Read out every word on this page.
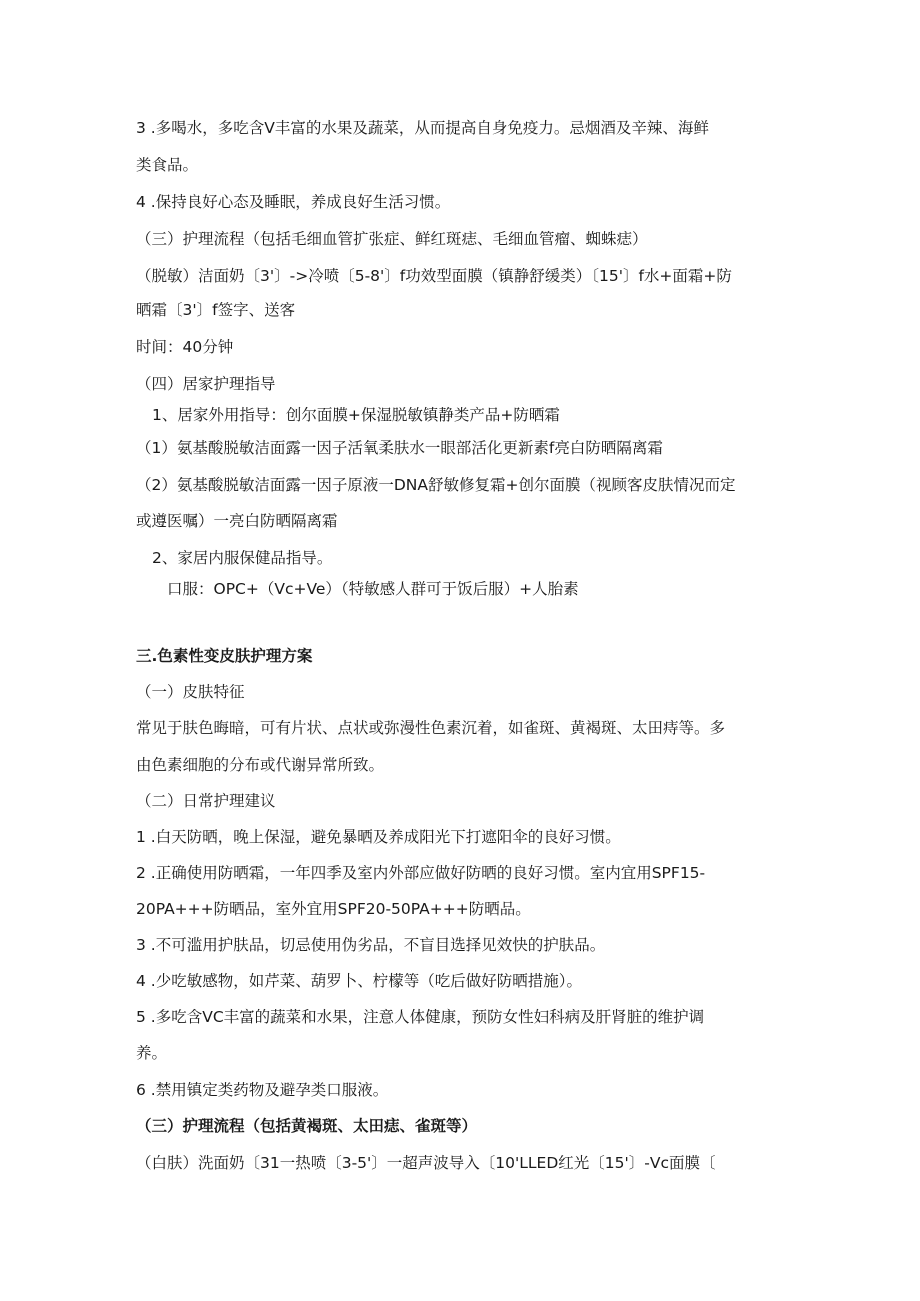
3 .多喝水，多吃含V丰富的水果及蔬菜，从而提高自身免疫力。忌烟酒及辛辣、海鲜
类食品。
4 .保持良好心态及睡眠，养成良好生活习惯。
（三）护理流程（包括毛细血管扩张症、鲜红斑痣、毛细血管瘤、蜘蛛痣）
（脱敏）洁面奶〔3'〕->冷喷〔5-8'〕f功效型面膜（镇静舒缓类）〔15'〕f水+面霜+防
晒霜〔3'〕f签字、送客
时间：40分钟
（四）居家护理指导
1、居家外用指导：创尔面膜+保湿脱敏镇静类产品+防晒霜
（1）氨基酸脱敏洁面露一因子活氧柔肤水一眼部活化更新素f亮白防晒隔离霜
（2）氨基酸脱敏洁面露一因子原液一DNA舒敏修复霜+创尔面膜（视顾客皮肤情况而定
或遵医嘱）一亮白防晒隔离霜
2、家居内服保健品指导。
口服：OPC+（Vc+Ve）（特敏感人群可于饭后服）+人胎素
三.色素性变皮肤护理方案
（一）皮肤特征
常见于肤色晦暗，可有片状、点状或弥漫性色素沉着，如雀斑、黄褐斑、太田痔等。多
由色素细胞的分布或代谢异常所致。
（二）日常护理建议
1 .白天防晒，晚上保湿，避免暴晒及养成阳光下打遮阳伞的良好习惯。
2 .正确使用防晒霜，一年四季及室内外部应做好防晒的良好习惯。室内宜用SPF15-
20PA+++防晒品，室外宜用SPF20-50PA+++防晒品。
3 .不可滥用护肤品，切忌使用伪劣品，不盲目选择见效快的护肤品。
4 .少吃敏感物，如芹菜、葫罗卜、柠檬等（吃后做好防晒措施）。
5 .多吃含VC丰富的蔬菜和水果，注意人体健康，预防女性妇科病及肝肾脏的维护调
养。
6 .禁用镇定类药物及避孕类口服液。
（三）护理流程（包括黄褐斑、太田痣、雀斑等）
（白肤）洗面奶〔31一热喷〔3-5'〕一超声波导入〔10'LLED红光〔15'〕-Vc面膜〔
